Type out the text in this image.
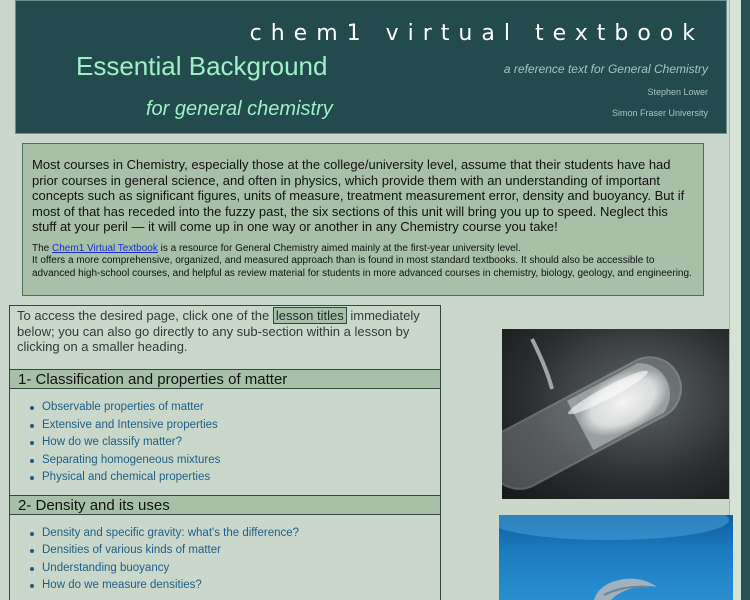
chem1 virtual textbook
Essential Background
for general chemistry
a reference text for General Chemistry
Stephen Lower
Simon Fraser University

Most courses in Chemistry, especially those at the college/university level, assume that their students have had prior courses in general science, and often in physics, which provide them with an understanding of important concepts such as significant figures, units of measure, treatment measurement error, density and buoyancy. But if most of that has receded into the fuzzy past, the six sections of this unit will bring you up to speed. Neglect this stuff at your peril — it will come up in one way or another in any Chemistry course you take!

The Chem1 Virtual Textbook is a resource for General Chemistry aimed mainly at the first-year university level.
It offers a more comprehensive, organized, and measured approach than is found in most standard textbooks. It should also be accessible to advanced high-school courses, and helpful as review material for students in more advanced courses in chemistry, biology, geology, and engineering.

To access the desired page, click one of the lesson titles immediately below; you can also go directly to any sub-section within a lesson by clicking on a smaller heading.

1- Classification and properties of matter
Observable properties of matter
Extensive and Intensive properties
How do we classify matter?
Separating homogeneous mixtures
Physical and chemical properties
2- Density and its uses
Density and specific gravity: what's the difference?
Densities of various kinds of matter
Understanding buoyancy
How do we measure densities?
